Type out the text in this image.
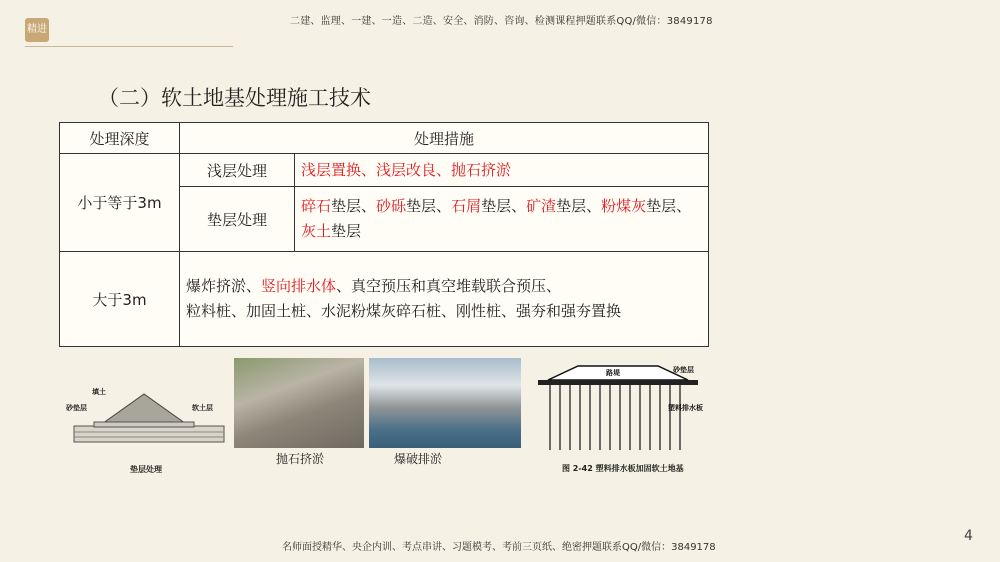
精进
二建、监理、一建、一造、二造、安全、消防、咨询、检测课程押题联系QQ/微信：3849178
（二）软土地基处理施工技术
处理深度	处理措施	
小于等于3m	浅层处理	浅层置换、浅层改良、抛石挤淤
	垫层处理	碎石垫层、砂砾垫层、石屑垫层、矿渣垫层、粉煤灰垫层、灰土垫层
大于3m	爆炸挤淤、竖向排水体、真空预压和真空堆载联合预压、
粒料桩、加固土桩、水泥粉煤灰碎石桩、刚性桩、强夯和强夯置换	
填土
砂垫层	软土层
垫层处理
抛石挤淤	爆破排淤
路堤	砂垫层
塑料排水板
图 2-42 塑料排水板加固软土地基
名师面授精华、央企内训、考点串讲、习题模考、考前三页纸、绝密押题联系QQ/微信：3849178
4
